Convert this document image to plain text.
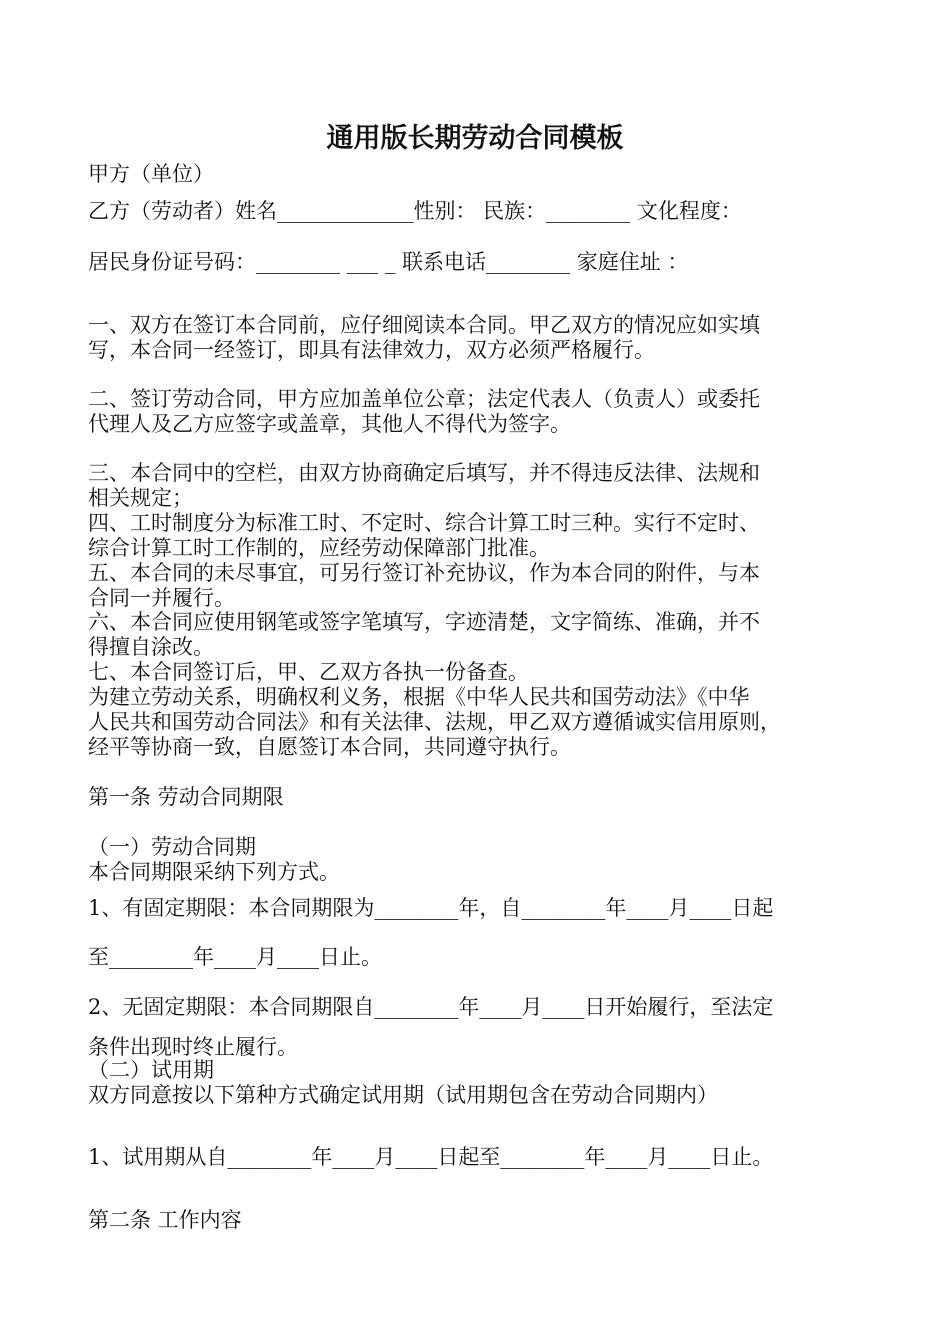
通用版长期劳动合同模板

甲方（单位）

乙方（劳动者）姓名_____________性别： 民族：________ 文化程度：

居民身份证号码：________ ___ _ 联系电话________ 家庭住址 ：

一、双方在签订本合同前，应仔细阅读本合同。甲乙双方的情况应如实填

写，本合同一经签订，即具有法律效力，双方必须严格履行。

二、签订劳动合同，甲方应加盖单位公章；法定代表人（负责人）或委托

代理人及乙方应签字或盖章，其他人不得代为签字。

三、本合同中的空栏，由双方协商确定后填写，并不得违反法律、法规和

相关规定；

四、工时制度分为标准工时、不定时、综合计算工时三种。实行不定时、

综合计算工时工作制的，应经劳动保障部门批准。

五、本合同的未尽事宜，可另行签订补充协议，作为本合同的附件，与本

合同一并履行。

六、本合同应使用钢笔或签字笔填写，字迹清楚，文字简练、准确，并不

得擅自涂改。

七、本合同签订后，甲、乙双方各执一份备查。

为建立劳动关系，明确权利义务，根据《中华人民共和国劳动法》《中华

人民共和国劳动合同法》和有关法律、法规，甲乙双方遵循诚实信用原则，

经平等协商一致，自愿签订本合同，共同遵守执行。

第一条 劳动合同期限

（一）劳动合同期

本合同期限采纳下列方式。

1、有固定期限：本合同期限为________年，自________年____月____日起

至________年____月____日止。

2、无固定期限：本合同期限自________年____月____日开始履行，至法定

条件出现时终止履行。

（二）试用期

双方同意按以下第种方式确定试用期（试用期包含在劳动合同期内）

1、试用期从自________年____月____日起至________年____月____日止。

第二条 工作内容
